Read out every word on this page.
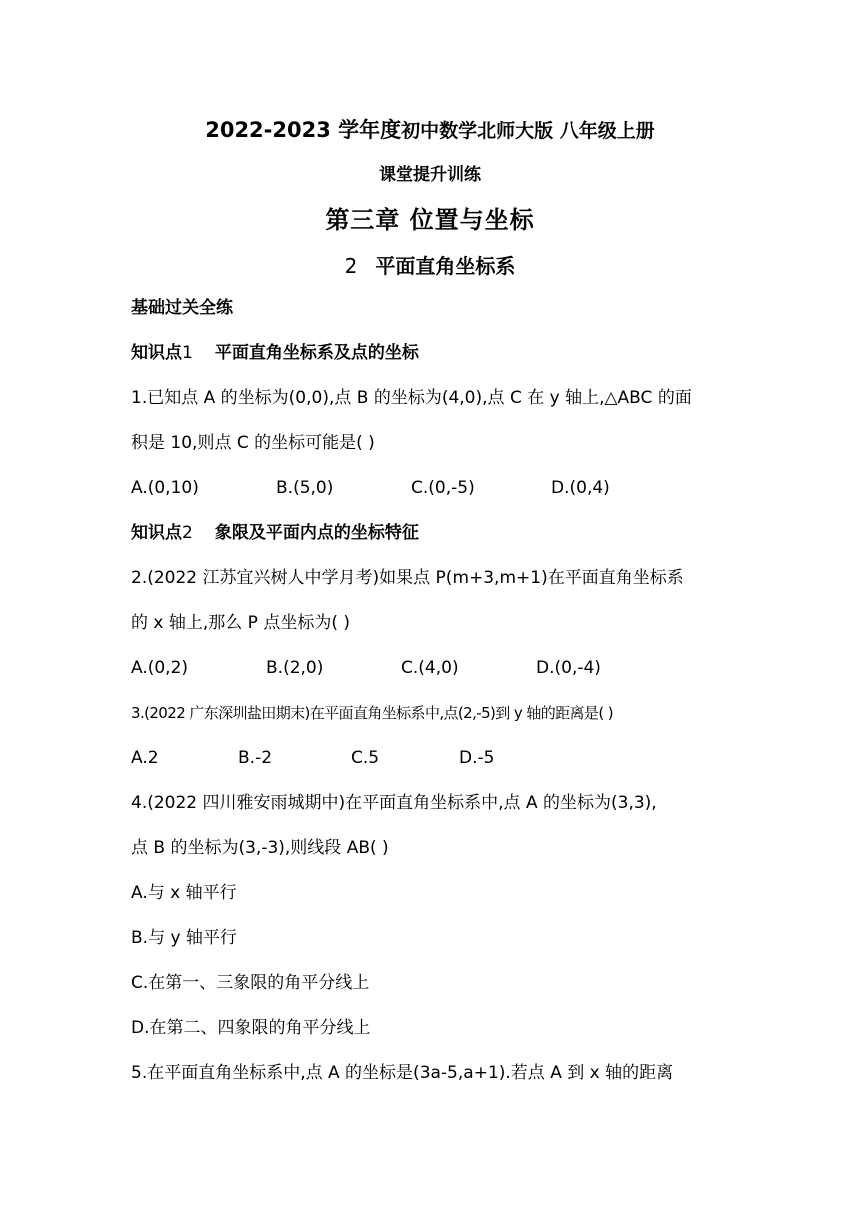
2022-2023 学年度初中数学北师大版 八年级上册
课堂提升训练
第三章 位置与坐标
2 平面直角坐标系
基础过关全练
知识点1 平面直角坐标系及点的坐标
1.已知点 A 的坐标为(0,0),点 B 的坐标为(4,0),点 C 在 y 轴上,△ABC 的面
积是 10,则点 C 的坐标可能是( )
A.(0,10)	B.(5,0)	C.(0,-5)	D.(0,4)
知识点2 象限及平面内点的坐标特征
2.(2022 江苏宜兴树人中学月考)如果点 P(m+3,m+1)在平面直角坐标系
的 x 轴上,那么 P 点坐标为( )
A.(0,2)	B.(2,0)	C.(4,0)	D.(0,-4)
3.(2022 广东深圳盐田期末)在平面直角坐标系中,点(2,-5)到 y 轴的距离是( )
A.2	B.-2	C.5	D.-5
4.(2022 四川雅安雨城期中)在平面直角坐标系中,点 A 的坐标为(3,3),
点 B 的坐标为(3,-3),则线段 AB( )
A.与 x 轴平行
B.与 y 轴平行
C.在第一、三象限的角平分线上
D.在第二、四象限的角平分线上
5.在平面直角坐标系中,点 A 的坐标是(3a-5,a+1).若点 A 到 x 轴的距离
